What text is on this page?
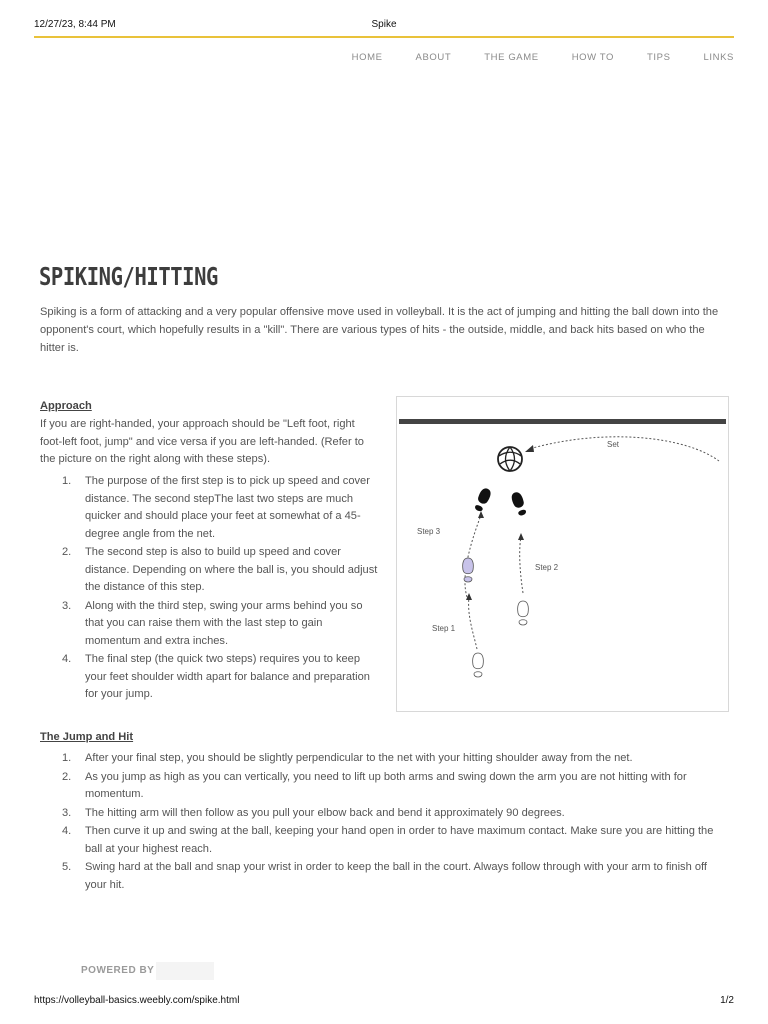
12/27/23, 8:44 PM	Spike
HOME	ABOUT	THE GAME	HOW TO	TIPS	LINKS
SPIKING/HITTING

Spiking is a form of attacking and a very popular offensive move used in volleyball. It is the act of jumping and hitting the ball down into the opponent's court, which hopefully results in a "kill". There are various types of hits - the outside, middle, and back hits based on who the hitter is.

Approach

If you are right-handed, your approach should be "Left foot, right foot-left foot, jump" and vice versa if you are left-handed. (Refer to the picture on the right along with these steps).

1. The purpose of the first step is to pick up speed and cover distance. The second stepThe last two steps are much quicker and should place your feet at somewhat of a 45-degree angle from the net.
2. The second step is also to build up speed and cover distance. Depending on where the ball is, you should adjust the distance of this step.
3. Along with the third step, swing your arms behind you so that you can raise them with the last step to gain momentum and extra inches.
4. The final step (the quick two steps) requires you to keep your feet shoulder width apart for balance and preparation for your jump.
Set
Step 3
Step 2
Step 1
The Jump and Hit
1. After your final step, you should be slightly perpendicular to the net with your hitting shoulder away from the net.
2. As you jump as high as you can vertically, you need to lift up both arms and swing down the arm you are not hitting with for momentum.
3. The hitting arm will then follow as you pull your elbow back and bend it approximately 90 degrees.
4. Then curve it up and swing at the ball, keeping your hand open in order to have maximum contact. Make sure you are hitting the ball at your highest reach.
5. Swing hard at the ball and snap your wrist in order to keep the ball in the court. Always follow through with your arm to finish off your hit.
POWERED BY
https://volleyball-basics.weebly.com/spike.html	1/2
